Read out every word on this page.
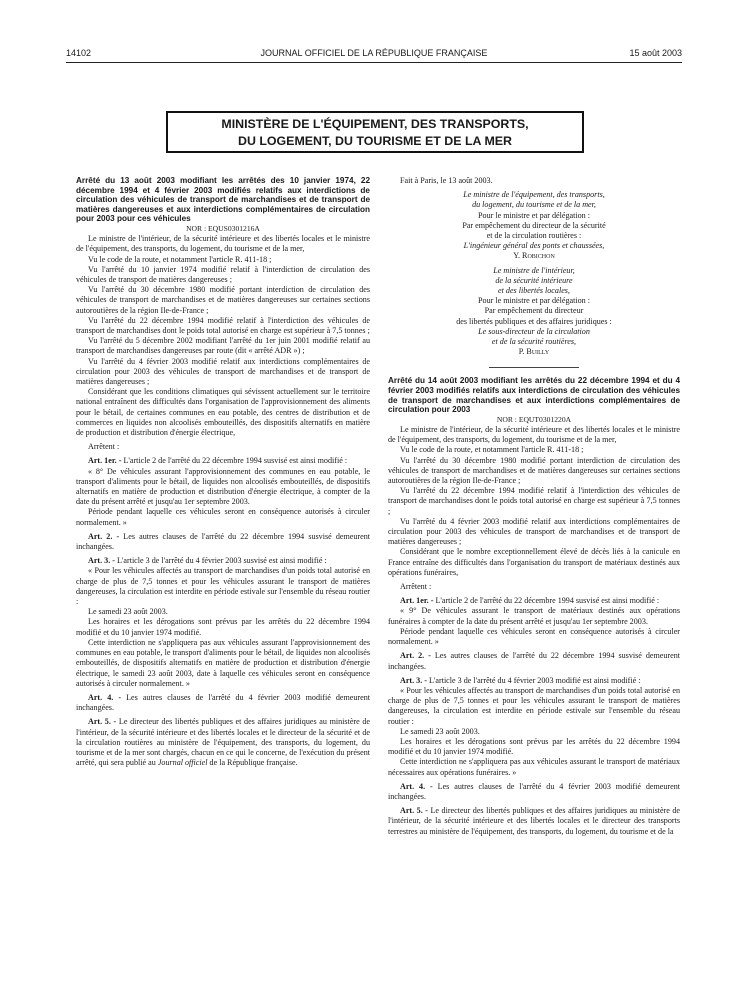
14102	JOURNAL OFFICIEL DE LA RÉPUBLIQUE FRANÇAISE	15 août 2003
MINISTÈRE DE L'ÉQUIPEMENT, DES TRANSPORTS,
DU LOGEMENT, DU TOURISME ET DE LA MER

Arrêté du 13 août 2003 modifiant les arrêtés des 10 janvier 1974, 22 décembre 1994 et 4 février 2003 modifiés relatifs aux interdictions de circulation des véhicules de transport de marchandises et de transport de matières dangereuses et aux interdictions complémentaires de circulation pour 2003 pour ces véhicules

NOR : EQUS0301216A

Le ministre de l'intérieur, de la sécurité intérieure et des libertés locales et le ministre de l'équipement, des transports, du logement, du tourisme et de la mer,

Vu le code de la route, et notamment l'article R. 411-18 ;

Vu l'arrêté du 10 janvier 1974 modifié relatif à l'interdiction de circulation des véhicules de transport de matières dangereuses ;

Vu l'arrêté du 30 décembre 1980 modifié portant interdiction de circulation des véhicules de transport de marchandises et de matières dangereuses sur certaines sections autoroutières de la région Ile-de-France ;

Vu l'arrêté du 22 décembre 1994 modifié relatif à l'interdiction des véhicules de transport de marchandises dont le poids total autorisé en charge est supérieur à 7,5 tonnes ;

Vu l'arrêté du 5 décembre 2002 modifiant l'arrêté du 1er juin 2001 modifié relatif au transport de marchandises dangereuses par route (dit « arrêté ADR ») ;

Vu l'arrêté du 4 février 2003 modifié relatif aux interdictions complémentaires de circulation pour 2003 des véhicules de transport de marchandises et de transport de matières dangereuses ;

Considérant que les conditions climatiques qui sévissent actuellement sur le territoire national entraînent des difficultés dans l'organisation de l'approvisionnement des aliments pour le bétail, de certaines communes en eau potable, des centres de distribution et de commerces en liquides non alcoolisés embouteillés, des dispositifs alternatifs en matière de production et distribution d'énergie électrique,

Arrêtent :

Art. 1er. - L'article 2 de l'arrêté du 22 décembre 1994 susvisé est ainsi modifié :

« 8° De véhicules assurant l'approvisionnement des communes en eau potable, le transport d'aliments pour le bétail, de liquides non alcoolisés embouteillés, de dispositifs alternatifs en matière de production et distribution d'énergie électrique, à compter de la date du présent arrêté et jusqu'au 1er septembre 2003.

Période pendant laquelle ces véhicules seront en conséquence autorisés à circuler normalement. »

Art. 2. - Les autres clauses de l'arrêté du 22 décembre 1994 susvisé demeurent inchangées.

Art. 3. - L'article 3 de l'arrêté du 4 février 2003 susvisé est ainsi modifié :

« Pour les véhicules affectés au transport de marchandises d'un poids total autorisé en charge de plus de 7,5 tonnes et pour les véhicules assurant le transport de matières dangereuses, la circulation est interdite en période estivale sur l'ensemble du réseau routier :

Le samedi 23 août 2003.

Les horaires et les dérogations sont prévus par les arrêtés du 22 décembre 1994 modifié et du 10 janvier 1974 modifié.

Cette interdiction ne s'appliquera pas aux véhicules assurant l'approvisionnement des communes en eau potable, le transport d'aliments pour le bétail, de liquides non alcoolisés embouteillés, de dispositifs alternatifs en matière de production et distribution d'énergie électrique, le samedi 23 août 2003, date à laquelle ces véhicules seront en conséquence autorisés à circuler normalement. »

Art. 4. - Les autres clauses de l'arrêté du 4 février 2003 modifié demeurent inchangées.

Art. 5. - Le directeur des libertés publiques et des affaires juridiques au ministère de l'intérieur, de la sécurité intérieure et des libertés locales et le directeur de la sécurité et de la circulation routières au ministère de l'équipement, des transports, du logement, du tourisme et de la mer sont chargés, chacun en ce qui le concerne, de l'exécution du présent arrêté, qui sera publié au Journal officiel de la République française.

Fait à Paris, le 13 août 2003.

Le ministre de l'équipement, des transports,

du logement, du tourisme et de la mer,

Pour le ministre et par délégation :

Par empêchement du directeur de la sécurité

et de la circulation routières :

L'ingénieur général des ponts et chaussées,

Y. Robichon

Le ministre de l'intérieur,

de la sécurité intérieure

et des libertés locales,

Pour le ministre et par délégation :

Par empêchement du directeur

des libertés publiques et des affaires juridiques :

Le sous-directeur de la circulation

et de la sécurité routières,

P. Builly

Arrêté du 14 août 2003 modifiant les arrêtés du 22 décembre 1994 et du 4 février 2003 modifiés relatifs aux interdictions de circulation des véhicules de transport de marchandises et aux interdictions complémentaires de circulation pour 2003

NOR : EQUT0301220A

Le ministre de l'intérieur, de la sécurité intérieure et des libertés locales et le ministre de l'équipement, des transports, du logement, du tourisme et de la mer,

Vu le code de la route, et notamment l'article R. 411-18 ;

Vu l'arrêté du 30 décembre 1980 modifié portant interdiction de circulation des véhicules de transport de marchandises et de matières dangereuses sur certaines sections autoroutières de la région Ile-de-France ;

Vu l'arrêté du 22 décembre 1994 modifié relatif à l'interdiction des véhicules de transport de marchandises dont le poids total autorisé en charge est supérieur à 7,5 tonnes ;

Vu l'arrêté du 4 février 2003 modifié relatif aux interdictions complémentaires de circulation pour 2003 des véhicules de transport de marchandises et de transport de matières dangereuses ;

Considérant que le nombre exceptionnellement élevé de décès liés à la canicule en France entraîne des difficultés dans l'organisation du transport de matériaux destinés aux opérations funéraires,

Arrêtent :

Art. 1er. - L'article 2 de l'arrêté du 22 décembre 1994 susvisé est ainsi modifié :

« 9° De véhicules assurant le transport de matériaux destinés aux opérations funéraires à compter de la date du présent arrêté et jusqu'au 1er septembre 2003.

Période pendant laquelle ces véhicules seront en conséquence autorisés à circuler normalement. »

Art. 2. - Les autres clauses de l'arrêté du 22 décembre 1994 susvisé demeurent inchangées.

Art. 3. - L'article 3 de l'arrêté du 4 février 2003 modifié est ainsi modifié :

« Pour les véhicules affectés au transport de marchandises d'un poids total autorisé en charge de plus de 7,5 tonnes et pour les véhicules assurant le transport de matières dangereuses, la circulation est interdite en période estivale sur l'ensemble du réseau routier :

Le samedi 23 août 2003.

Les horaires et les dérogations sont prévus par les arrêtés du 22 décembre 1994 modifié et du 10 janvier 1974 modifié.

Cette interdiction ne s'appliquera pas aux véhicules assurant le transport de matériaux nécessaires aux opérations funéraires. »

Art. 4. - Les autres clauses de l'arrêté du 4 février 2003 modifié demeurent inchangées.

Art. 5. - Le directeur des libertés publiques et des affaires juridiques au ministère de l'intérieur, de la sécurité intérieure et des libertés locales et le directeur des transports terrestres au ministère de l'équipement, des transports, du logement, du tourisme et de la
